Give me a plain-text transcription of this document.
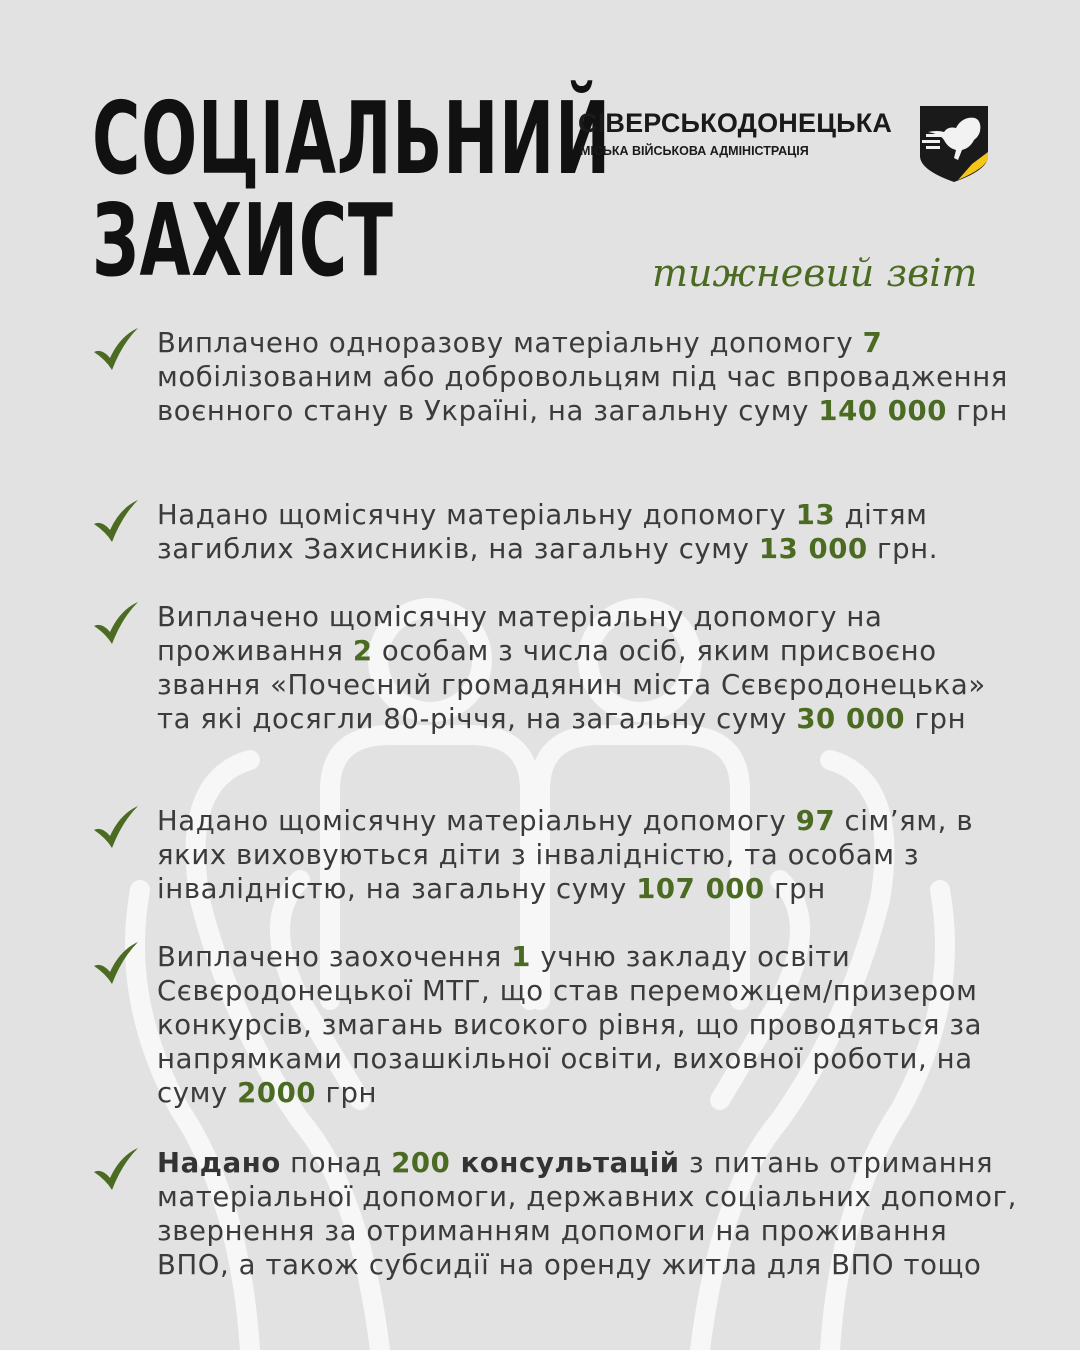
СОЦІАЛЬНИЙ
ЗАХИСТ
СІВЕРСЬКОДОНЕЦЬКА
МІСЬКА ВІЙСЬКОВА АДМІНІСТРАЦІЯ
тижневий звіт

Виплачено одноразову матеріальну допомогу 7 мобілізованим або добровольцям під час впровадження воєнного стану в Україні, на загальну суму 140 000 грн

Надано щомісячну матеріальну допомогу 13 дітям загиблих Захисників, на загальну суму 13 000 грн.

Виплачено щомісячну матеріальну допомогу на проживання 2 особам з числа осіб, яким присвоєно звання «Почесний громадянин міста Сєвєродонецька» та які досягли 80-річчя, на загальну суму 30 000 грн

Надано щомісячну матеріальну допомогу 97 сім’ям, в яких виховуються діти з інвалідністю, та особам з інвалідністю, на загальну суму 107 000 грн

Виплачено заохочення 1 учню закладу освіти Сєвєродонецької МТГ, що став переможцем/призером конкурсів, змагань високого рівня, що проводяться за напрямками позашкільної освіти, виховної роботи, на суму 2000 грн

Надано понад 200 консультацій з питань отримання матеріальної допомоги, державних соціальних допомог, звернення за отриманням допомоги на проживання ВПО, а також субсидії на оренду житла для ВПО тощо
